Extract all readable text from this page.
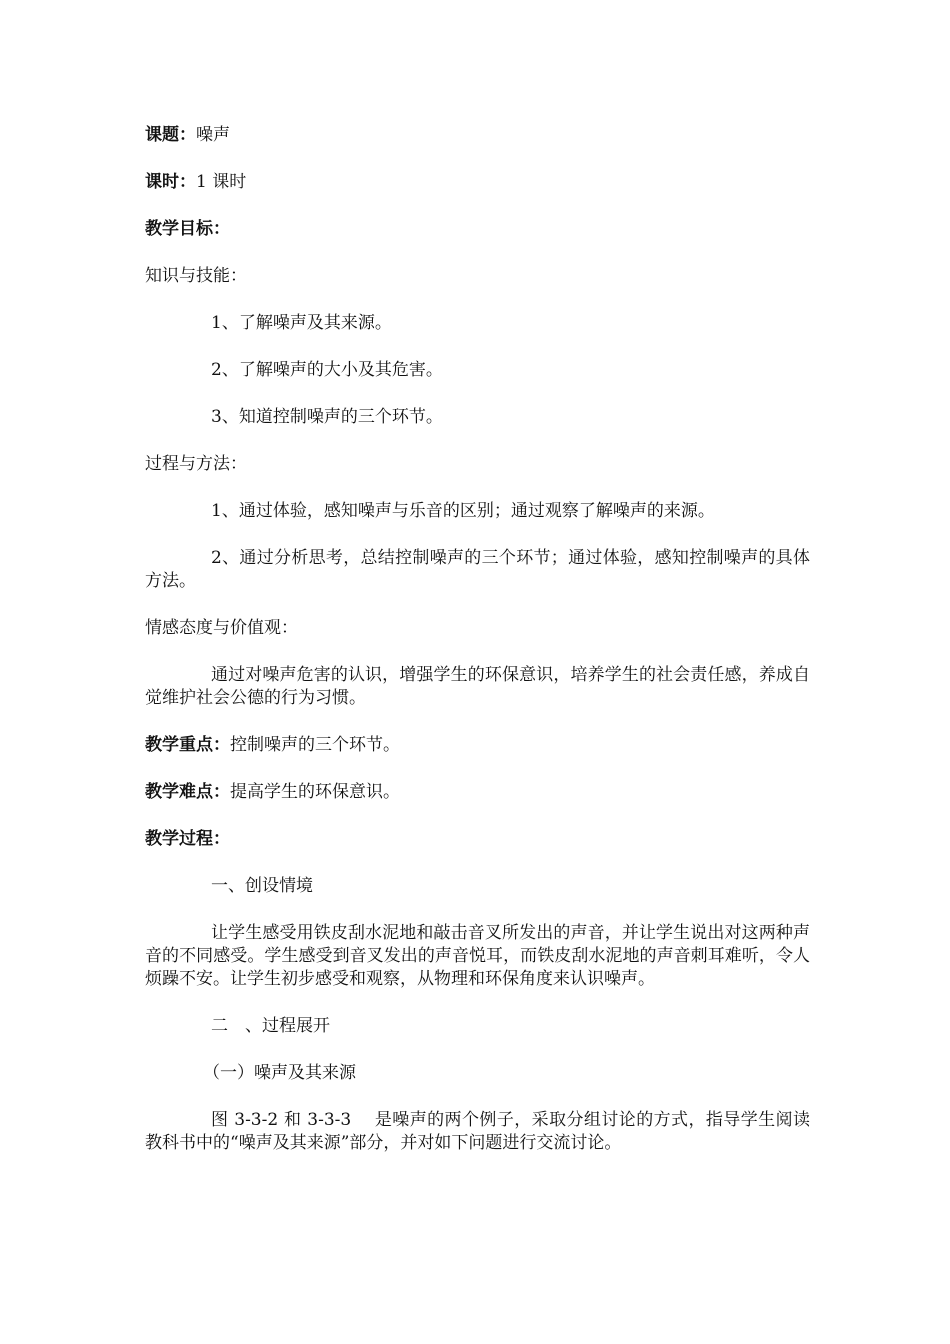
课题：噪声
课时：1 课时
教学目标：
知识与技能：
1、了解噪声及其来源。
2、了解噪声的大小及其危害。
3、知道控制噪声的三个环节。
过程与方法：
1、通过体验，感知噪声与乐音的区别；通过观察了解噪声的来源。
2、通过分析思考，总结控制噪声的三个环节；通过体验，感知控制噪声的具体方法。
情感态度与价值观：
通过对噪声危害的认识，增强学生的环保意识，培养学生的社会责任感，养成自觉维护社会公德的行为习惯。
教学重点：控制噪声的三个环节。
教学难点：提高学生的环保意识。
教学过程：
一、创设情境
让学生感受用铁皮刮水泥地和敲击音叉所发出的声音，并让学生说出对这两种声音的不同感受。学生感受到音叉发出的声音悦耳，而铁皮刮水泥地的声音刺耳难听，令人烦躁不安。让学生初步感受和观察，从物理和环保角度来认识噪声。
二　、过程展开
（一）噪声及其来源
图 3-3-2 和 3-3-3　 是噪声的两个例子，采取分组讨论的方式，指导学生阅读教科书中的“噪声及其来源”部分，并对如下问题进行交流讨论。
